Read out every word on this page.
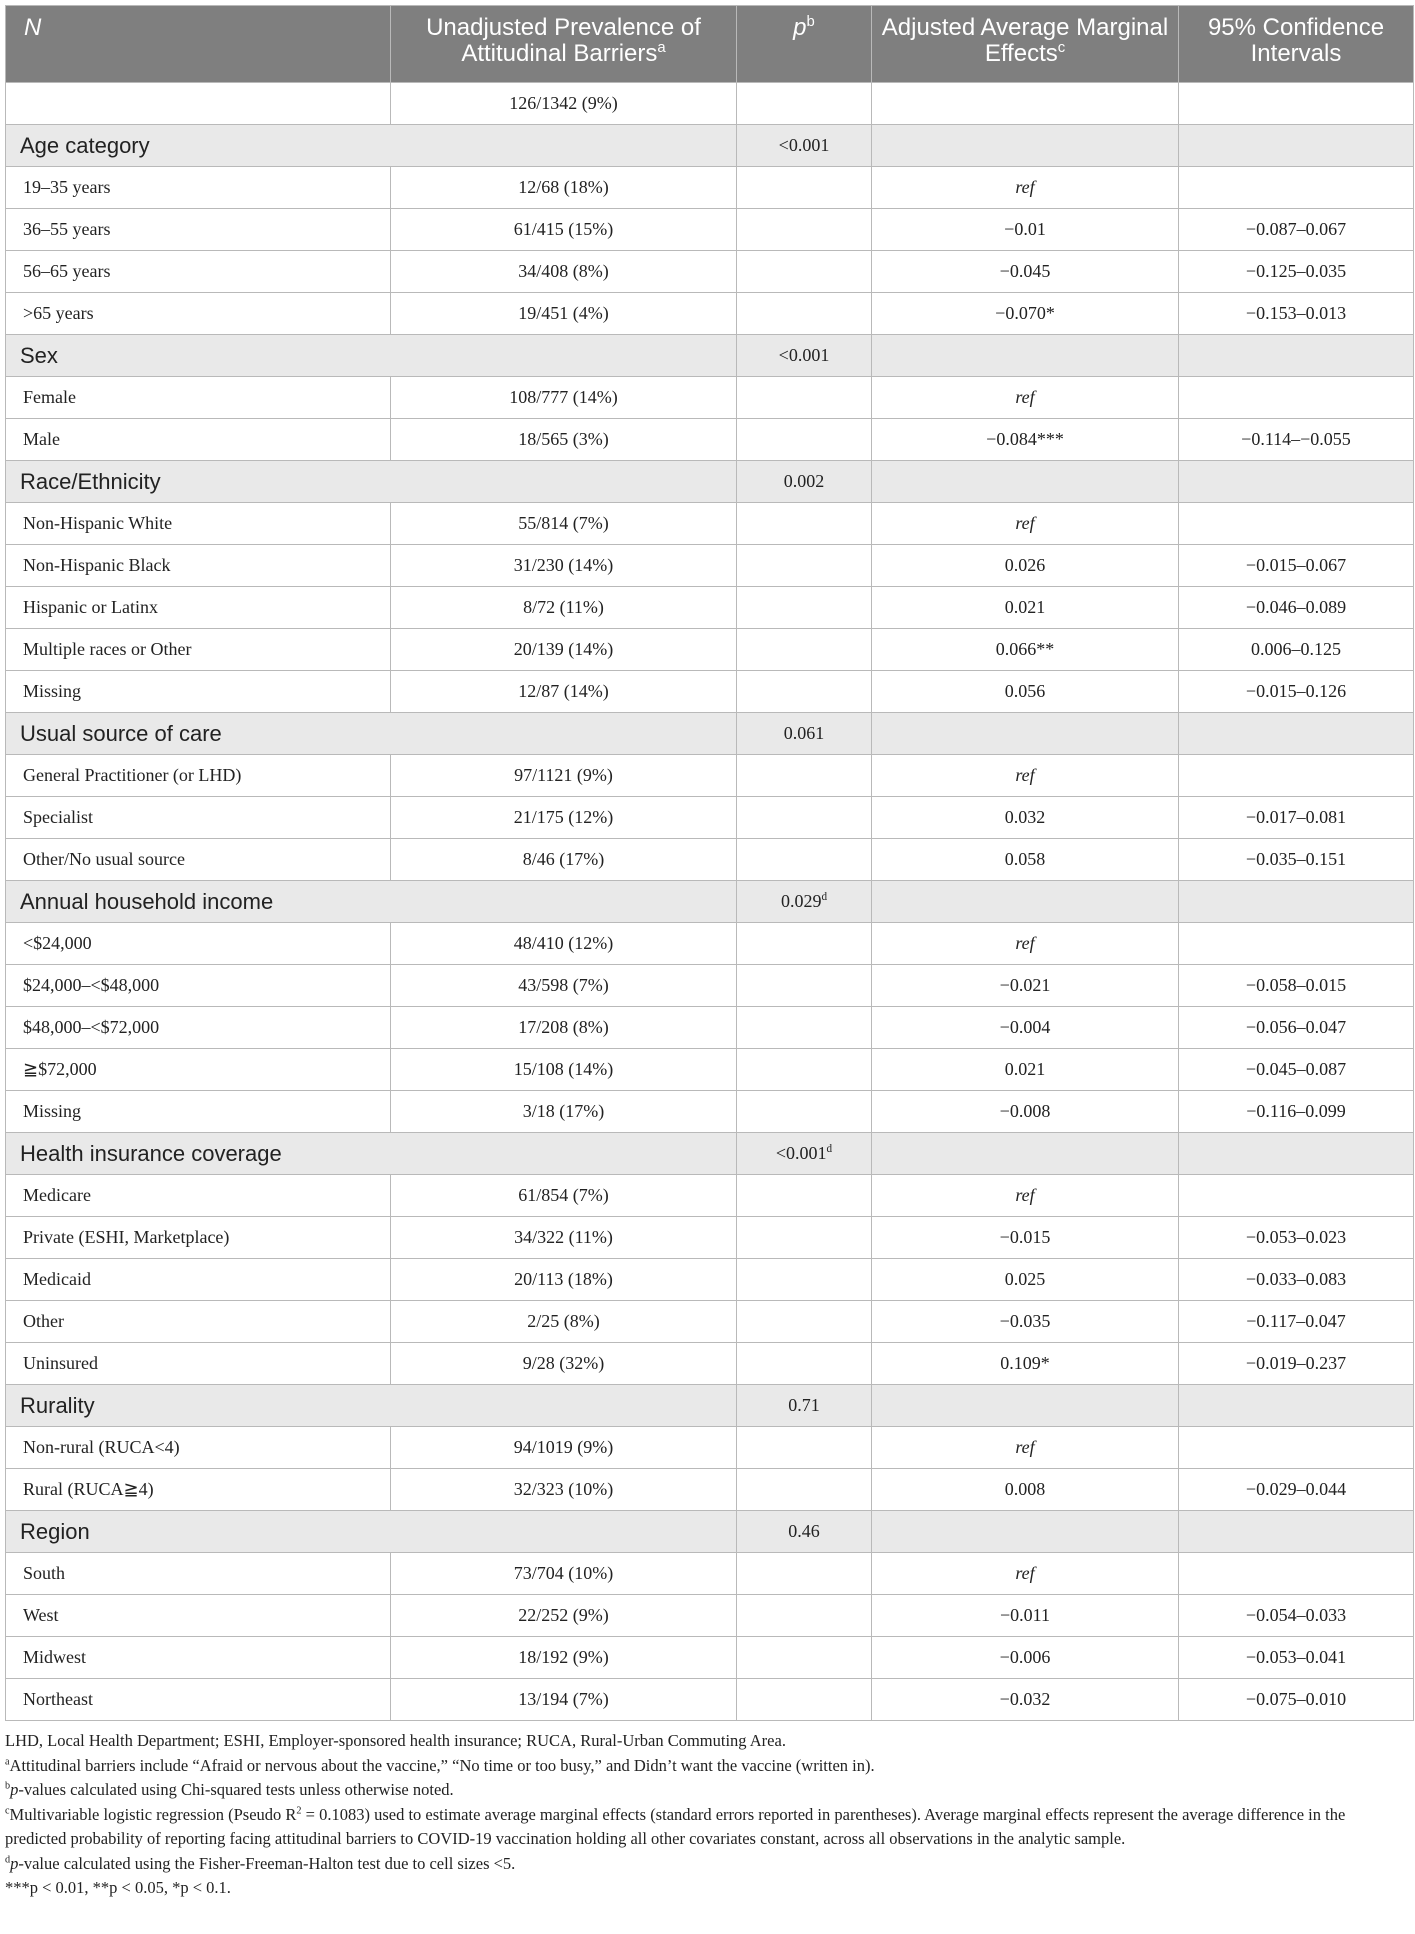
N	Unadjusted Prevalence of Attitudinal Barriers$^a$	$p^b$	Adjusted Average Marginal Effects$^c$	95% Confidence Intervals
	126/1342 (9%)			
Age category		<0.001		
19–35 years	12/68 (18%)		ref	
36–55 years	61/415 (15%)		−0.01	−0.087–0.067
56–65 years	34/408 (8%)		−0.045	−0.125–0.035
>65 years	19/451 (4%)		−0.070*	−0.153–0.013
Sex		<0.001		
Female	108/777 (14%)		ref	
Male	18/565 (3%)		−0.084***	−0.114–−0.055
Race/Ethnicity		0.002		
Non-Hispanic White	55/814 (7%)		ref	
Non-Hispanic Black	31/230 (14%)		0.026	−0.015–0.067
Hispanic or Latinx	8/72 (11%)		0.021	−0.046–0.089
Multiple races or Other	20/139 (14%)		0.066**	0.006–0.125
Missing	12/87 (14%)		0.056	−0.015–0.126
Usual source of care		0.061		
General Practitioner (or LHD)	97/1121 (9%)		ref	
Specialist	21/175 (12%)		0.032	−0.017–0.081
Other/No usual source	8/46 (17%)		0.058	−0.035–0.151
Annual household income		0.029$^d$		
<$24,000	48/410 (12%)		ref	
$24,000–<$48,000	43/598 (7%)		−0.021	−0.058–0.015
$48,000–<$72,000	17/208 (8%)		−0.004	−0.056–0.047
≧$72,000	15/108 (14%)		0.021	−0.045–0.087
Missing	3/18 (17%)		−0.008	−0.116–0.099
Health insurance coverage		<0.001$^d$		
Medicare	61/854 (7%)		ref	
Private (ESHI, Marketplace)	34/322 (11%)		−0.015	−0.053–0.023
Medicaid	20/113 (18%)		0.025	−0.033–0.083
Other	2/25 (8%)		−0.035	−0.117–0.047
Uninsured	9/28 (32%)		0.109*	−0.019–0.237
Rurality		0.71		
Non-rural (RUCA<4)	94/1019 (9%)		ref	
Rural (RUCA≧4)	32/323 (10%)		0.008	−0.029–0.044
Region		0.46		
South	73/704 (10%)		ref	
West	22/252 (9%)		−0.011	−0.054–0.033
Midwest	18/192 (9%)		−0.006	−0.053–0.041
Northeast	13/194 (7%)		−0.032	−0.075–0.010

LHD, Local Health Department; ESHI, Employer-sponsored health insurance; RUCA, Rural-Urban Commuting Area.

$^a$Attitudinal barriers include “Afraid or nervous about the vaccine,” “No time or too busy,” and Didn’t want the vaccine (written in).

$^b$p-values calculated using Chi-squared tests unless otherwise noted.

$^c$Multivariable logistic regression (Pseudo $R^2 = 0.1083$) used to estimate average marginal effects (standard errors reported in parentheses). Average marginal effects represent the average difference in the predicted probability of reporting facing attitudinal barriers to COVID-19 vaccination holding all other covariates constant, across all observations in the analytic sample.

$^d$p-value calculated using the Fisher-Freeman-Halton test due to cell sizes <5.

***p < 0.01, **p < 0.05, *p < 0.1.
